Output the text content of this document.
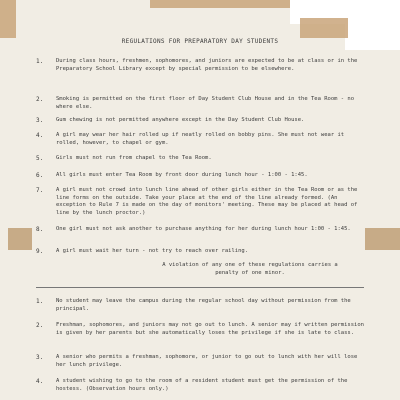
REGULATIONS FOR PREPARATORY DAY STUDENTS
1.	During class hours, freshmen, sophomores, and juniors are expected to be at class or in the Preparatory School Library except by special permission to be elsewhere.
2.	Smoking is permitted on the first floor of Day Student Club House and in the Tea Room - no where else.
3.	Gum chewing is not permitted anywhere except in the Day Student Club House.
4.	A girl may wear her hair rolled up if neatly rolled on bobby pins. She must not wear it rolled, however, to chapel or gym.
5.	Girls must not run from chapel to the Tea Room.
6.	All girls must enter Tea Room by front door during lunch hour - 1:00 - 1:45.
7.	A girl must not crowd into lunch line ahead of other girls either in the Tea Room or as the line forms on the outside. Take your place at the end of the line already formed. (An exception to Rule 7 is made on the day of monitors' meeting. These may be placed at head of line by the lunch proctor.)
8.	One girl must not ask another to purchase anything for her during lunch hour 1:00 - 1:45.
9.	A girl must wait her turn - not try to reach over railing.
A violation of any one of these regulations carries a penalty of one minor.
1.	No student may leave the campus during the regular school day without permission from the principal.
2.	Freshman, sophomores, and juniors may not go out to lunch. A senior may if written permission is given by her parents but she automatically loses the privilege if she is late to class.
3.	A senior who permits a freshman, sophomore, or junior to go out to lunch with her will lose her lunch privilege.
4.	A student wishing to go to the room of a resident student must get the permission of the hostess. (Observation hours only.)
